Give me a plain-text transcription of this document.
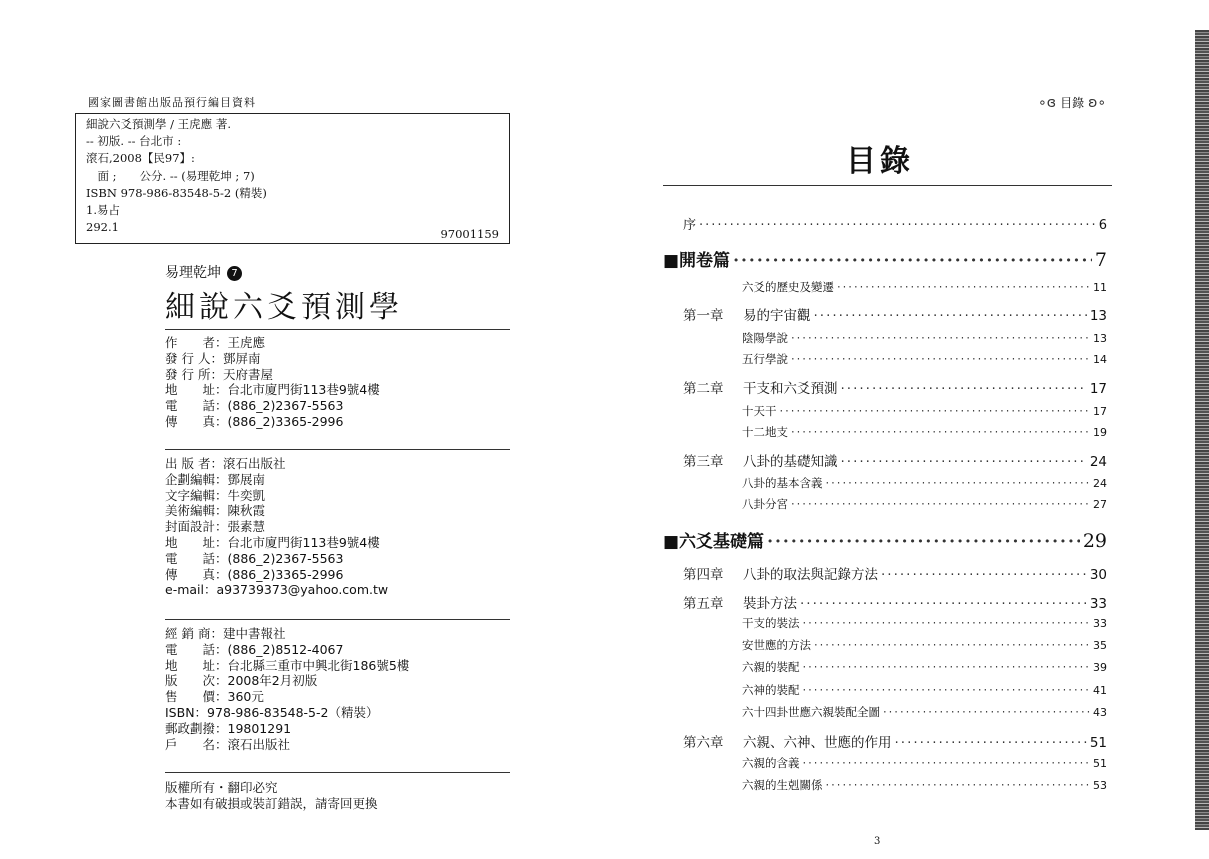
國家圖書館出版品預行編目資料
細說六爻預測學 / 王虎應 著.
-- 初版. -- 台北市 :
滾石,2008【民97】:
　面 ;　　公分. -- (易理乾坤 ; 7)
ISBN 978-986-83548-5-2 (精裝)
1.易占
292.1	97001159
易理乾坤 7
細說六爻預測學
作　　者：王虎應
發 行 人：鄧屏南
發 行 所：天府書屋
地　　址：台北市廈門街113巷9號4樓
電　　話：(886_2)2367-5563
傳　　真：(886_2)3365-2996
出 版 者：滾石出版社
企劃編輯：鄧展南
文字編輯：牛奕凱
美術編輯：陳秋霞
封面設計：張素慧
地　　址：台北市廈門街113巷9號4樓
電　　話：(886_2)2367-5563
傳　　真：(886_2)3365-2996
e-mail：a93739373@yahoo.com.tw
經 銷 商：建中書報社
電　　話：(886_2)8512-4067
地　　址：台北縣三重市中興北街186號5樓
版　　次：2008年2月初版
售　　價：360元
ISBN：978-986-83548-5-2（精裝）
郵政劃撥：19801291
戶　　名：滾石出版社
版權所有・翻印必究
本書如有破損或裝訂錯誤，請寄回更換
∘ɞ 目錄 ʚ∘
目錄
序 ·····	6
■開卷篇 ·····	7
六爻的歷史及變遷 ·····	11
第一章 易的宇宙觀 ·····	13
陰陽學說 ·····	13
五行學說 ·····	14
第二章 干支和六爻預測 ·····	17
十天干 ·····	17
十二地支 ·····	19
第三章 八卦的基礎知識 ·····	24
八卦的基本含義 ·····	24
八卦分宮 ·····	27
■六爻基礎篇 ·····	29
第四章 八卦的取法與記錄方法 ·····	30
第五章 裝卦方法 ·····	33
干支的裝法 ·····	33
安世應的方法 ·····	35
六親的裝配 ·····	39
六神的裝配 ·····	41
六十四卦世應六親裝配全圖 ·····	43
第六章 六親、六神、世應的作用 ·····	51
六親的含義 ·····	51
六親的生剋關係 ·····	53
3
